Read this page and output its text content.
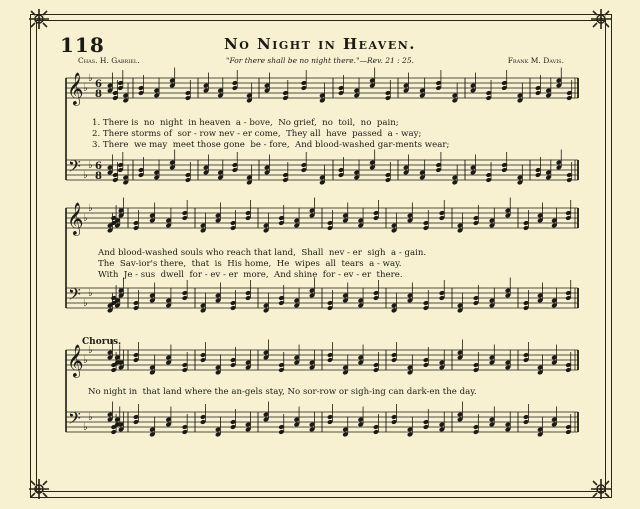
118	No Night in Heaven.
Chas. H. Gabriel.	"For there shall be no night there."—Rev. 21 : 25.	Frank M. Davis.
𝄞
𝄢
♭
♭
♭
♭
𝄞
𝄢
♭
♭
♭
♭
𝄞
𝄢
♭
♭
♭
♭
6
8
6
8

1. There is  no  night  in heaven  a - bove,  No grief,  no  toil,  no  pain;

2. There storms of  sor - row nev - er come,  They all  have  passed  a - way;

3. There  we may  meet those gone  be - fore,  And blood-washed gar-ments wear;

And blood-washed souls who reach that land,  Shall  nev - er  sigh  a - gain.

The  Sav-ior's there,  that  is  His home,  He  wipes  all  tears  a - way.

With  Je - sus  dwell  for - ev - er  more,  And shine  for - ev - er  there.

Chorus.

No night in  that land where the an-gels stay, No sor-row or sigh-ing can dark-en the day.
